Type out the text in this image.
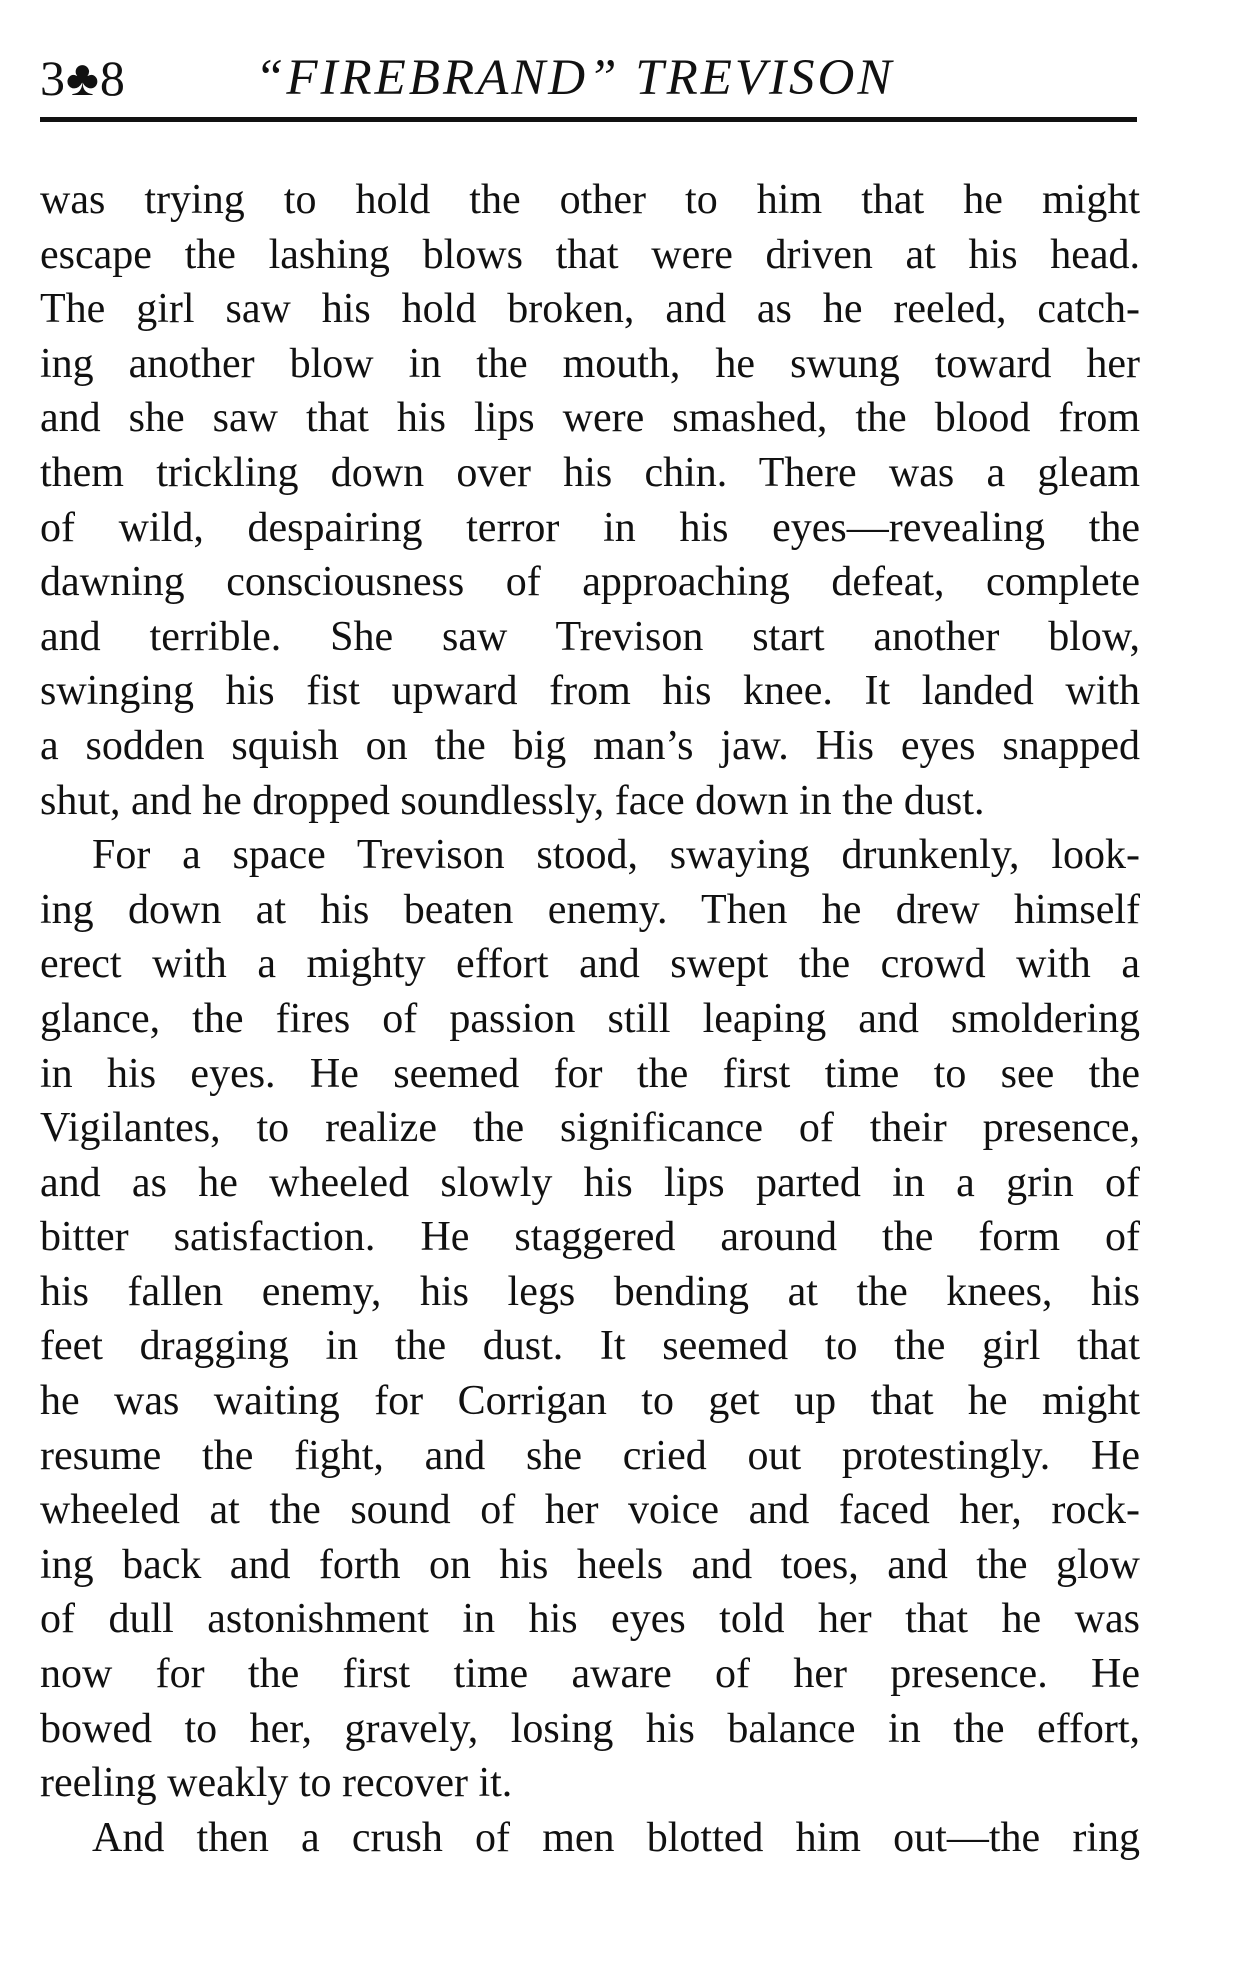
3♣8	“FIREBRAND” TREVISON
was trying to hold the other to him that he might
escape the lashing blows that were driven at his head.
The girl saw his hold broken, and as he reeled, catch-
ing another blow in the mouth, he swung toward her
and she saw that his lips were smashed, the blood from
them trickling down over his chin. There was a gleam
of wild, despairing terror in his eyes—revealing the
dawning consciousness of approaching defeat, complete
and terrible. She saw Trevison start another blow,
swinging his fist upward from his knee. It landed with
a sodden squish on the big man’s jaw. His eyes snapped
shut, and he dropped soundlessly, face down in the dust.
For a space Trevison stood, swaying drunkenly, look-
ing down at his beaten enemy. Then he drew himself
erect with a mighty effort and swept the crowd with a
glance, the fires of passion still leaping and smoldering
in his eyes. He seemed for the first time to see the
Vigilantes, to realize the significance of their presence,
and as he wheeled slowly his lips parted in a grin of
bitter satisfaction. He staggered around the form of
his fallen enemy, his legs bending at the knees, his
feet dragging in the dust. It seemed to the girl that
he was waiting for Corrigan to get up that he might
resume the fight, and she cried out protestingly. He
wheeled at the sound of her voice and faced her, rock-
ing back and forth on his heels and toes, and the glow
of dull astonishment in his eyes told her that he was
now for the first time aware of her presence. He
bowed to her, gravely, losing his balance in the effort,
reeling weakly to recover it.
And then a crush of men blotted him out—the ring
